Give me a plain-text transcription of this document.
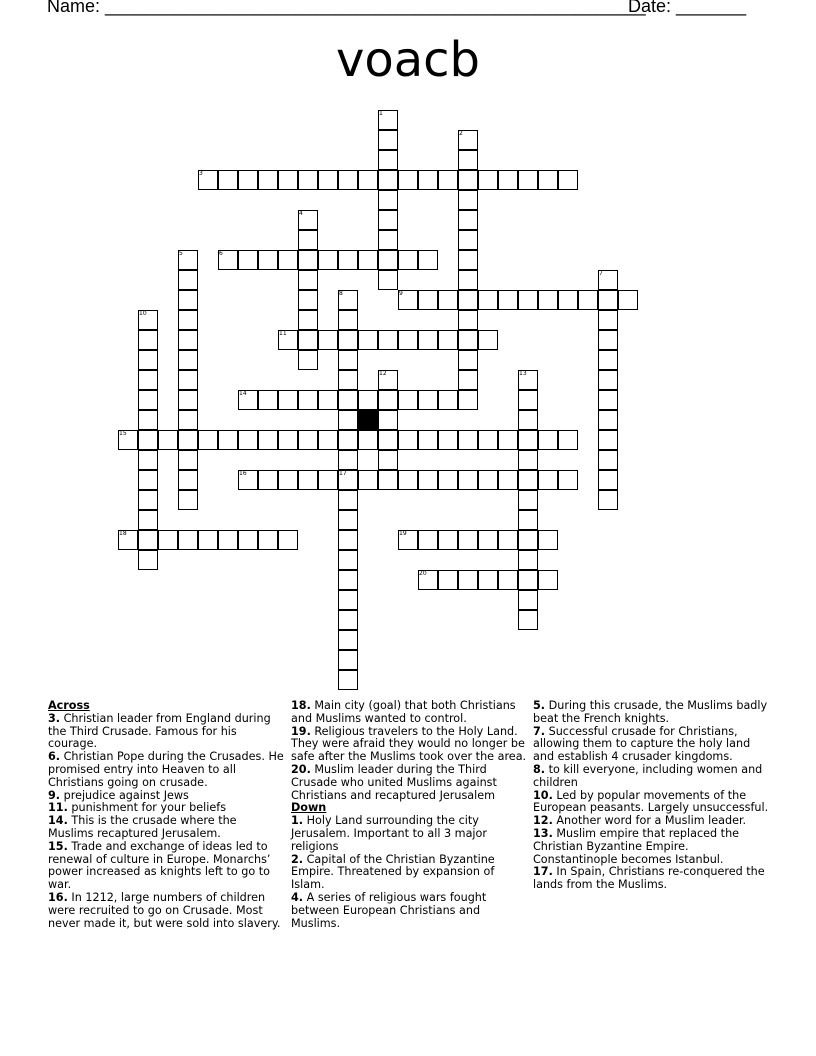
Name: ______________________________________________________
Date: _______
voacb
1
2
3
4
5	6
7
8	9
10
11
12	13
14
15
16	17
18	19
20
Across

3. Christian leader from England during the Third Crusade. Famous for his courage.

6. Christian Pope during the Crusades. He promised entry into Heaven to all Christians going on crusade.

9. prejudice against Jews

11. punishment for your beliefs

14. This is the crusade where the Muslims recaptured Jerusalem.

15. Trade and exchange of ideas led to renewal of culture in Europe. Monarchs’ power increased as knights left to go to war.

16. In 1212, large numbers of children were recruited to go on Crusade. Most never made it, but were sold into slavery.

18. Main city (goal) that both Christians and Muslims wanted to control.

19. Religious travelers to the Holy Land. They were afraid they would no longer be safe after the Muslims took over the area.

20. Muslim leader during the Third Crusade who united Muslims against Christians and recaptured Jerusalem

Down

1. Holy Land surrounding the city Jerusalem. Important to all 3 major religions

2. Capital of the Christian Byzantine Empire. Threatened by expansion of Islam.

4. A series of religious wars fought between European Christians and Muslims.

5. During this crusade, the Muslims badly beat the French knights.

7. Successful crusade for Christians, allowing them to capture the holy land and establish 4 crusader kingdoms.

8. to kill everyone, including women and children

10. Led by popular movements of the European peasants. Largely unsuccessful.

12. Another word for a Muslim leader.

13. Muslim empire that replaced the Christian Byzantine Empire. Constantinople becomes Istanbul.

17. In Spain, Christians re-conquered the lands from the Muslims.
